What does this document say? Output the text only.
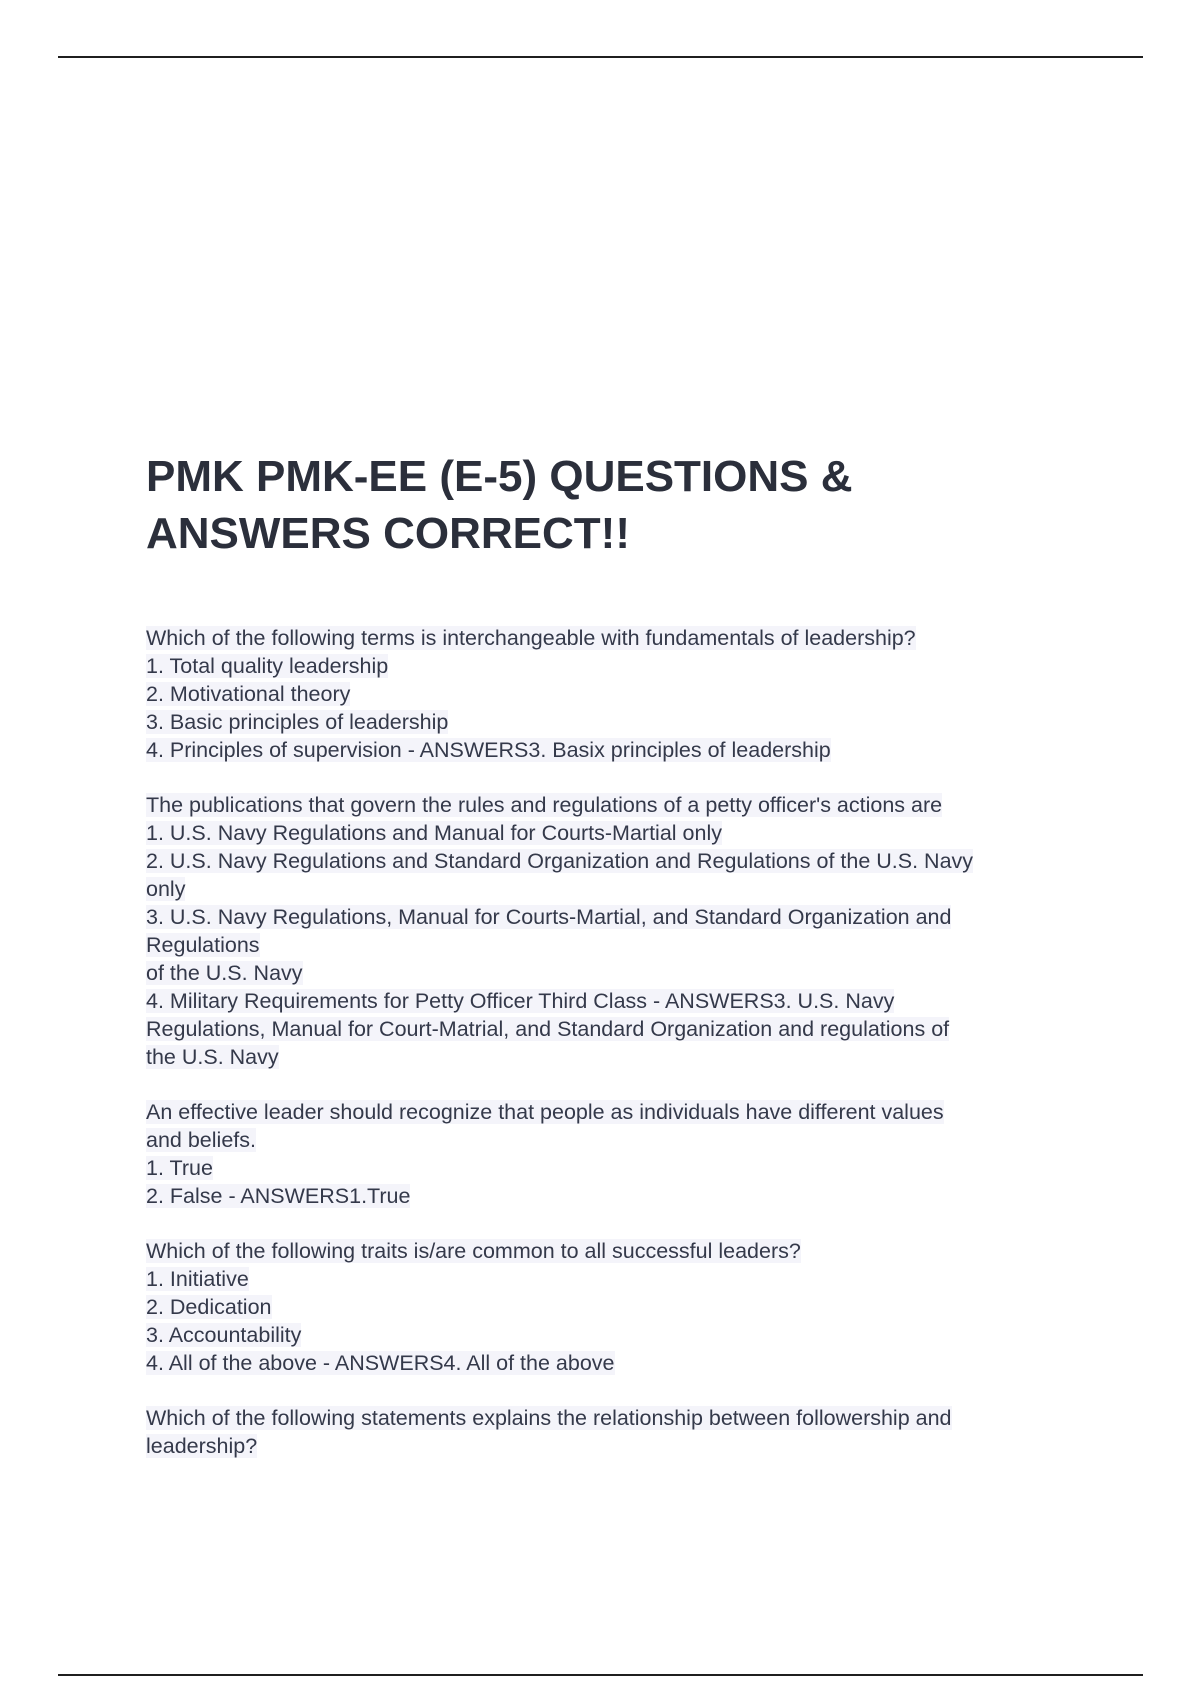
PMK PMK-EE (E-5) QUESTIONS &
ANSWERS CORRECT!!
Which of the following terms is interchangeable with fundamentals of leadership?
1. Total quality leadership
2. Motivational theory
3. Basic principles of leadership
4. Principles of supervision - ANSWERS3. Basix principles of leadership
The publications that govern the rules and regulations of a petty officer's actions are
1. U.S. Navy Regulations and Manual for Courts-Martial only
2. U.S. Navy Regulations and Standard Organization and Regulations of the U.S. Navy
only
3. U.S. Navy Regulations, Manual for Courts-Martial, and Standard Organization and
Regulations
of the U.S. Navy
4. Military Requirements for Petty Officer Third Class - ANSWERS3. U.S. Navy
Regulations, Manual for Court-Matrial, and Standard Organization and regulations of
the U.S. Navy
An effective leader should recognize that people as individuals have different values
and beliefs.
1. True
2. False - ANSWERS1.True
Which of the following traits is/are common to all successful leaders?
1. Initiative
2. Dedication
3. Accountability
4. All of the above - ANSWERS4. All of the above
Which of the following statements explains the relationship between followership and
leadership?
